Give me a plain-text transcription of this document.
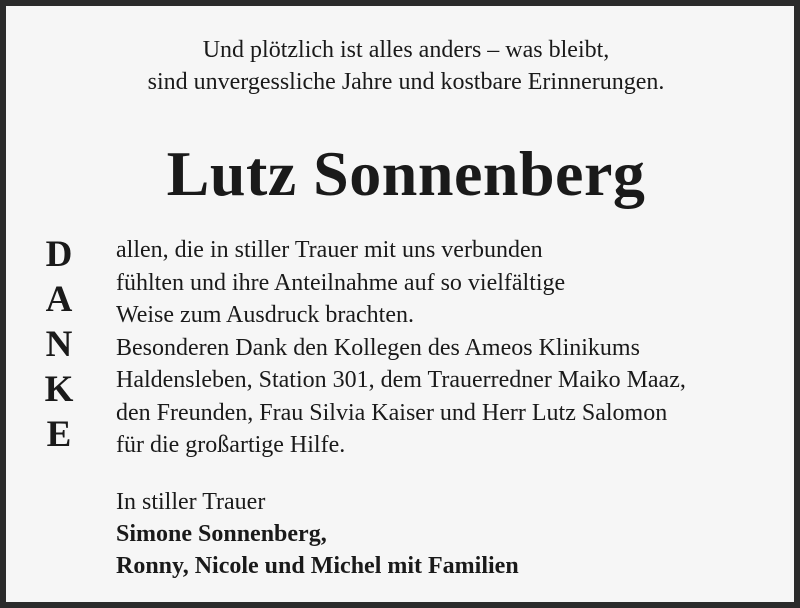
Und plötzlich ist alles anders – was bleibt,
sind unvergessliche Jahre und kostbare Erinnerungen.
Lutz Sonnenberg
D
A
N
K
E
allen, die in stiller Trauer mit uns verbunden
fühlten und ihre Anteilnahme auf so vielfältige
Weise zum Ausdruck brachten.
Besonderen Dank den Kollegen des Ameos Klinikums
Haldensleben, Station 301, dem Trauerredner Maiko Maaz,
den Freunden, Frau Silvia Kaiser und Herr Lutz Salomon
für die großartige Hilfe.
In stiller Trauer
Simone Sonnenberg,
Ronny, Nicole und Michel mit Familien
